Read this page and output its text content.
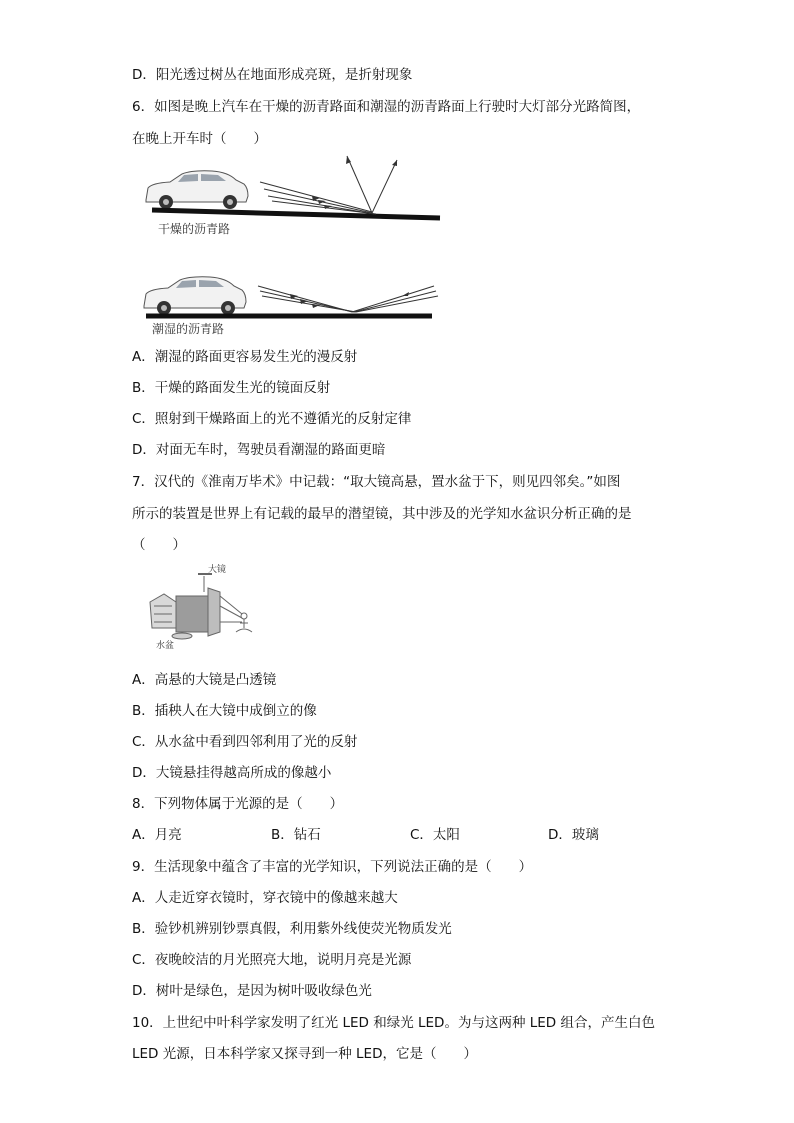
D．阳光透过树丛在地面形成亮斑，是折射现象
6．如图是晚上汽车在干燥的沥青路面和潮湿的沥青路面上行驶时大灯部分光路简图，
在晚上开车时（　　）
干燥的沥青路
潮湿的沥青路
A．潮湿的路面更容易发生光的漫反射
B．干燥的路面发生光的镜面反射
C．照射到干燥路面上的光不遵循光的反射定律
D．对面无车时，驾驶员看潮湿的路面更暗
7．汉代的《淮南万毕术》中记载：“取大镜高悬，置水盆于下，则见四邻矣。”如图
所示的装置是世界上有记载的最早的潜望镜，其中涉及的光学知水盆识分析正确的是
（　　）
大镜
水盆
A．高悬的大镜是凸透镜
B．插秧人在大镜中成倒立的像
C．从水盆中看到四邻利用了光的反射
D．大镜悬挂得越高所成的像越小
8．下列物体属于光源的是（　　）
A．月亮	B．钻石	C．太阳	D．玻璃
9．生活现象中蕴含了丰富的光学知识，下列说法正确的是（　　）
A．人走近穿衣镜时，穿衣镜中的像越来越大
B．验钞机辨别钞票真假，利用紫外线使荧光物质发光
C．夜晚皎洁的月光照亮大地，说明月亮是光源
D．树叶是绿色，是因为树叶吸收绿色光
10．上世纪中叶科学家发明了红光 LED 和绿光 LED。为与这两种 LED 组合，产生白色
LED 光源，日本科学家又探寻到一种 LED，它是（　　）
